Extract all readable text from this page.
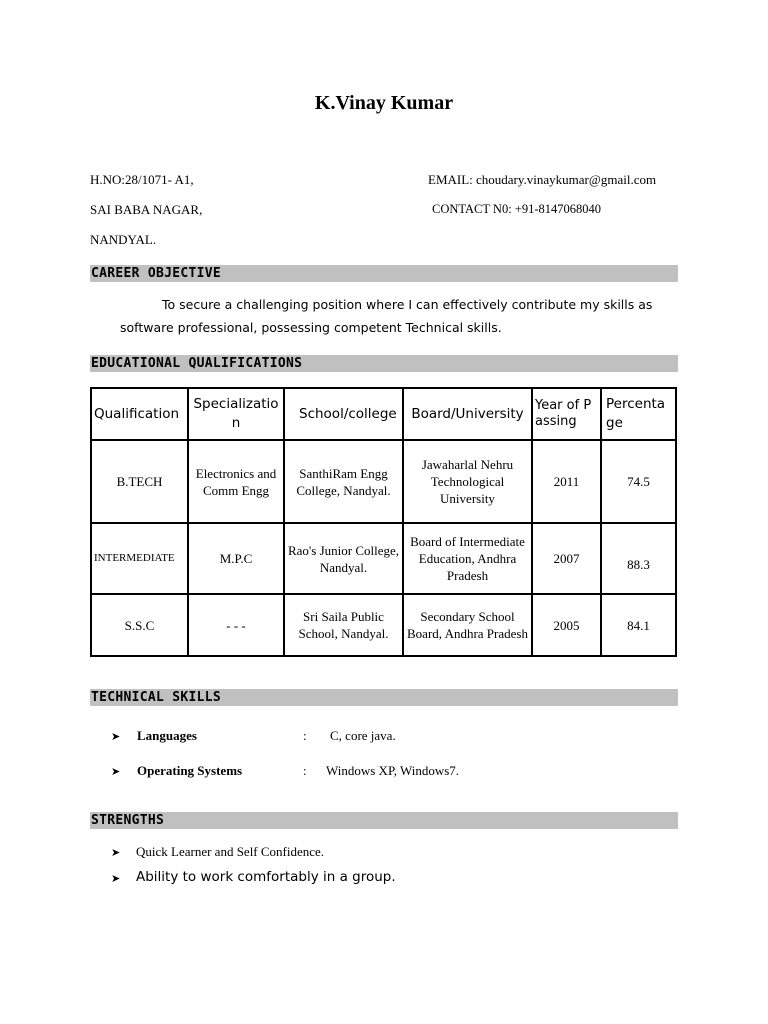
K.Vinay Kumar
H.NO:28/1071- A1,
SAI BABA NAGAR,
NANDYAL.
EMAIL: choudary.vinaykumar@gmail.com
CONTACT N0: +91-8147068040
CAREER OBJECTIVE
To secure a challenging position where I can effectively contribute my skills as
software professional, possessing competent Technical skills.
EDUCATIONAL QUALIFICATIONS
Qualification	Specialization	School/college	Board/University	Year of Passing	Percentage
B.TECH	Electronics and Comm Engg	SanthiRam Engg College, Nandyal.	Jawaharlal Nehru Technological University	2011	74.5
INTERMEDIATE	M.P.C	Rao's Junior College, Nandyal.	Board of Intermediate Education, Andhra Pradesh	2007	88.3
S.S.C	- - -	Sri Saila Public School, Nandyal.	Secondary School Board, Andhra Pradesh	2005	84.1
TECHNICAL SKILLS
➤ Languages	: C, core java.
➤ Operating Systems	: Windows XP, Windows7.
STRENGTHS
➤ Quick Learner and Self Confidence.
➤ Ability to work comfortably in a group.
